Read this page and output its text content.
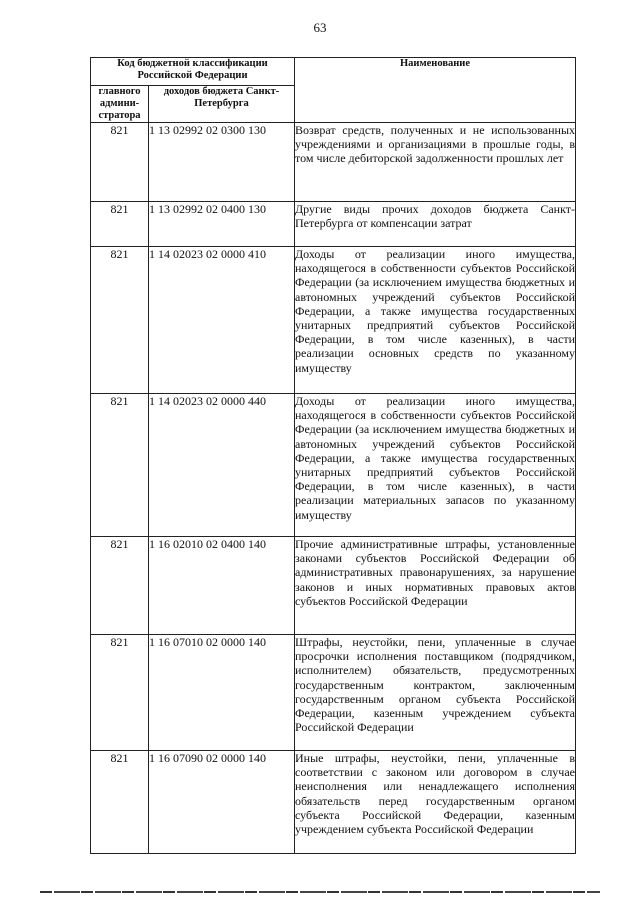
63
Код бюджетной классификации Российской Федерации		Наименование
главного админи-стратора	доходов бюджета Санкт-Петербурга	
821	1 13 02992 02 0300 130	Возврат средств, полученных и не использованных учреждениями и организациями в прошлые годы, в том числе дебиторской задолженности прошлых лет

821	1 13 02992 02 0400 130	Другие виды прочих доходов бюджета Санкт-Петербурга от компенсации затрат

821	1 14 02023 02 0000 410	Доходы от реализации иного имущества, находящегося в собственности субъектов Российской Федерации (за исключением имущества бюджетных и автономных учреждений субъектов Российской Федерации, а также имущества государственных унитарных предприятий субъектов Российской Федерации, в том числе казенных), в части реализации основных средств по указанному имуществу

821	1 14 02023 02 0000 440	Доходы от реализации иного имущества, находящегося в собственности субъектов Российской Федерации (за исключением имущества бюджетных и автономных учреждений субъектов Российской Федерации, а также имущества государственных унитарных предприятий субъектов Российской Федерации, в том числе казенных), в части реализации материальных запасов по указанному имуществу

821	1 16 02010 02 0400 140	Прочие административные штрафы, установленные законами субъектов Российской Федерации об административных правонарушениях, за нарушение законов и иных нормативных правовых актов субъектов Российской Федерации

821	1 16 07010 02 0000 140	Штрафы, неустойки, пени, уплаченные в случае просрочки исполнения поставщиком (подрядчиком, исполнителем) обязательств, предусмотренных государственным контрактом, заключенным государственным органом субъекта Российской Федерации, казенным учреждением субъекта Российской Федерации

821	1 16 07090 02 0000 140	Иные штрафы, неустойки, пени, уплаченные в соответствии с законом или договором в случае неисполнения или ненадлежащего исполнения обязательств перед государственным органом субъекта Российской Федерации, казенным учреждением субъекта Российской Федерации
